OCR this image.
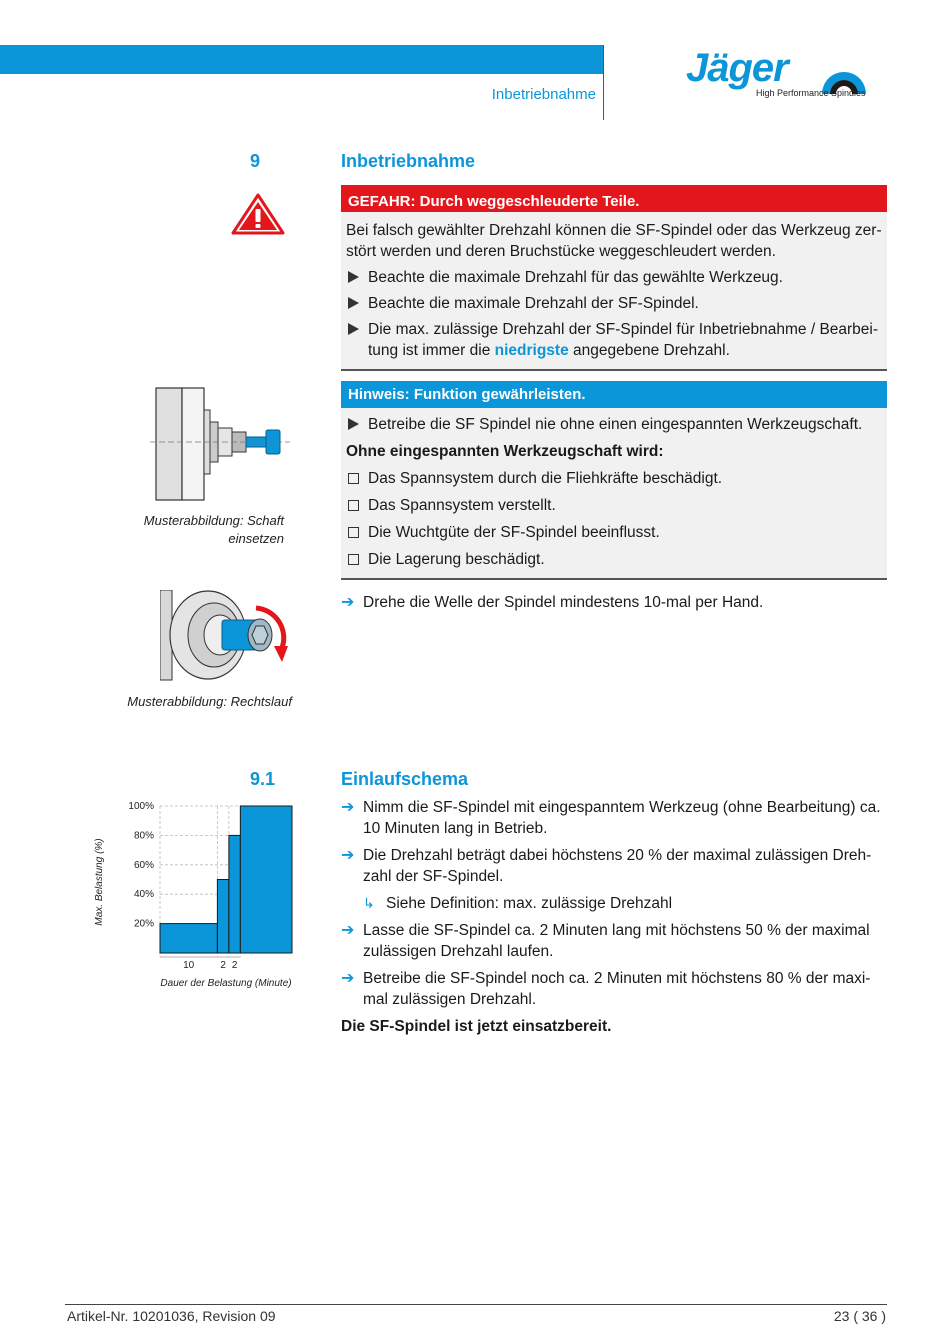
Inbetriebnahme
Jäger
High Performance Spindles
9	Inbetriebnahme
GEFAHR: Durch weggeschleuderte Teile.
Bei falsch gewählter Drehzahl können die SF-Spindel oder das Werkzeug zer-
stört werden und deren Bruchstücke weggeschleudert werden.
Beachte die maximale Drehzahl für das gewählte Werkzeug.
Beachte die maximale Drehzahl der SF-Spindel.
Die max. zulässige Drehzahl der SF-Spindel für Inbetriebnahme / Bearbei-
tung ist immer die niedrigste angegebene Drehzahl.
Musterabbildung: Schaft
einsetzen
Hinweis: Funktion gewährleisten.
Betreibe die SF Spindel nie ohne einen eingespannten Werkzeugschaft.
Ohne eingespannten Werkzeugschaft wird:
Das Spannsystem durch die Fliehkräfte beschädigt.
Das Spannsystem verstellt.
Die Wuchtgüte der SF-Spindel beeinflusst.
Die Lagerung beschädigt.
➔ Drehe die Welle der Spindel mindestens 10-mal per Hand.
Musterabbildung: Rechtslauf
9.1	Einlaufschema
➔ Nimm die SF-Spindel mit eingespanntem Werkzeug (ohne Bearbeitung) ca.
10 Minuten lang in Betrieb.
➔ Die Drehzahl beträgt dabei höchstens 20 % der maximal zulässigen Dreh-
zahl der SF-Spindel.
↳ Siehe Definition: max. zulässige Drehzahl
➔ Lasse die SF-Spindel ca. 2 Minuten lang mit höchstens 50 % der maximal
zulässigen Drehzahl laufen.
➔ Betreibe die SF-Spindel noch ca. 2 Minuten mit höchstens 80 % der maxi-
mal zulässigen Drehzahl.
Die SF-Spindel ist jetzt einsatzbereit.
20%
40%
60%
80%
100%
10	2 2
Max. Belastung (%)
Dauer der Belastung (Minute)
Artikel-Nr. 10201036, Revision 09	23 ( 36 )
